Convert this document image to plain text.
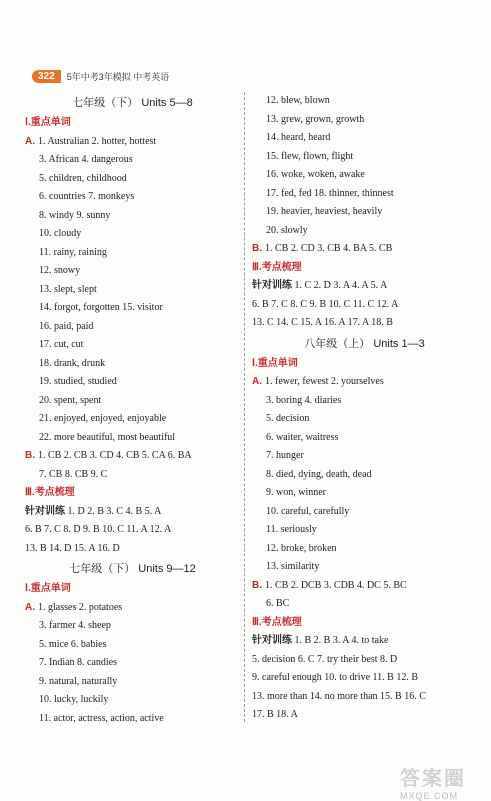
322	5年中考3年模拟 中考英语
七年级（下） Units 5—8
Ⅰ.重点单词
A. 1. Australian 2. hotter, hottest
3. African 4. dangerous
5. children, childhood
6. countries 7. monkeys
8. windy 9. sunny
10. cloudy
11. rainy, raining
12. snowy
13. slept, slept
14. forgot, forgotten 15. visitor
16. paid, paid
17. cut, cut
18. drank, drunk
19. studied, studied
20. spent, spent
21. enjoyed, enjoyed, enjoyable
22. more beautiful, most beautiful
B. 1. CB 2. CB 3. CD 4. CB 5. CA 6. BA
7. CB 8. CB 9. C
Ⅲ.考点梳理
针对训练 1. D 2. B 3. C 4. B 5. A
6. B 7. C 8. D 9. B 10. C 11. A 12. A
13. B 14. D 15. A 16. D
七年级（下） Units 9—12
Ⅰ.重点单词
A. 1. glasses 2. potatoes
3. farmer 4. sheep
5. mice 6. babies
7. Indian 8. candies
9. natural, naturally
10. lucky, luckily
11. actor, actress, action, active
12. blew, blown
13. grew, grown, growth
14. heard, heard
15. flew, flown, flight
16. woke, woken, awake
17. fed, fed 18. thinner, thinnest
19. heavier, heaviest, heavily
20. slowly
B. 1. CB 2. CD 3. CB 4. BA 5. CB
Ⅲ.考点梳理
针对训练 1. C 2. D 3. A 4. A 5. A
6. B 7. C 8. C 9. B 10. C 11. C 12. A
13. C 14. C 15. A 16. A 17. A 18. B
八年级（上） Units 1—3
Ⅰ.重点单词
A. 1. fewer, fewest 2. yourselves
3. boring 4. diaries
5. decision
6. waiter, waitress
7. hunger
8. died, dying, death, dead
9. won, winner
10. careful, carefully
11. seriously
12. broke, broken
13. similarity
B. 1. CB 2. DCB 3. CDB 4. DC 5. BC
6. BC
Ⅲ.考点梳理
针对训练 1. B 2. B 3. A 4. to take
5. decision 6. C 7. try their best 8. D
9. careful enough 10. to drive 11. B 12. B
13. more than 14. no more than 15. B 16. C
17. B 18. A
答案圈
MXQE.COM
